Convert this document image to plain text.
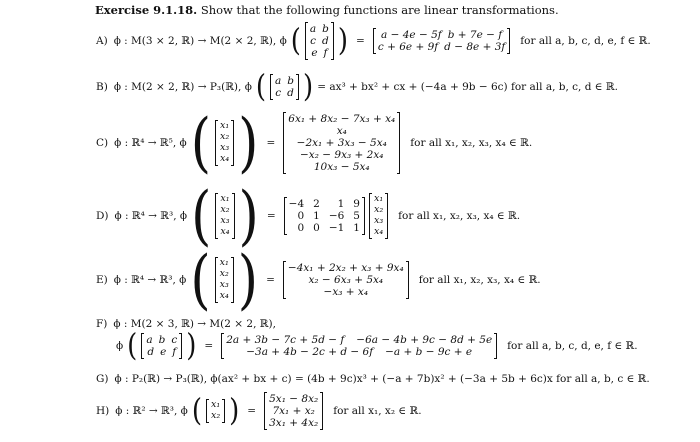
Exercise 9.1.18. Show that the following functions are linear transformations.
A) ϕ : M(3 × 2, ℝ) → M(2 × 2, ℝ), ϕ ( a b
c d
e f ) =
a − 4e − 5f b + 7e − f
c + 6e + 9f d − 8e + 3f
for all a, b, c, d, e, f ∈ ℝ.
B) ϕ : M(2 × 2, ℝ) → P₃(ℝ), ϕ ( a b
c d ) = ax³ + bx² + cx + (−4a + 9b − 6c) for all a, b, c, d ∈ ℝ.
C) ϕ : ℝ⁴ → ℝ⁵, ϕ ( x₁
x₂
x₃
x₄ ) =
6x₁ + 8x₂ − 7x₃ + x₄
x₄
−2x₁ + 3x₃ − 5x₄
−x₂ − 9x₃ + 2x₄
10x₃ − 5x₄
for all x₁, x₂, x₃, x₄ ∈ ℝ.
D) ϕ : ℝ⁴ → ℝ³, ϕ ( x₁
x₂
x₃
x₄ ) =
−4 2	1 9
0 1 −6 5
0 0 −1 1
x₁
x₂
x₃
x₄
for all x₁, x₂, x₃, x₄ ∈ ℝ.
E) ϕ : ℝ⁴ → ℝ³, ϕ ( x₁
x₂
x₃
x₄ ) =
−4x₁ + 2x₂ + x₃ + 9x₄
x₂ − 6x₃ + 5x₄
−x₃ + x₄
for all x₁, x₂, x₃, x₄ ∈ ℝ.
F) ϕ : M(2 × 3, ℝ) → M(2 × 2, ℝ),
ϕ ( a b c
d e f ) =
2a + 3b − 7c + 5d − f −6a − 4b + 9c − 8d + 5e
−3a + 4b − 2c + d − 6f −a + b − 9c + e
for all a, b, c, d, e, f ∈ ℝ.
G) ϕ : P₂(ℝ) → P₃(ℝ), ϕ(ax² + bx + c) = (4b + 9c)x³ + (−a + 7b)x² + (−3a + 5b + 6c)x for all a, b, c ∈ ℝ.
H) ϕ : ℝ² → ℝ³, ϕ ( x₁
x₂ ) =
5x₁ − 8x₂
7x₁ + x₂
3x₁ + 4x₂
for all x₁, x₂ ∈ ℝ.
